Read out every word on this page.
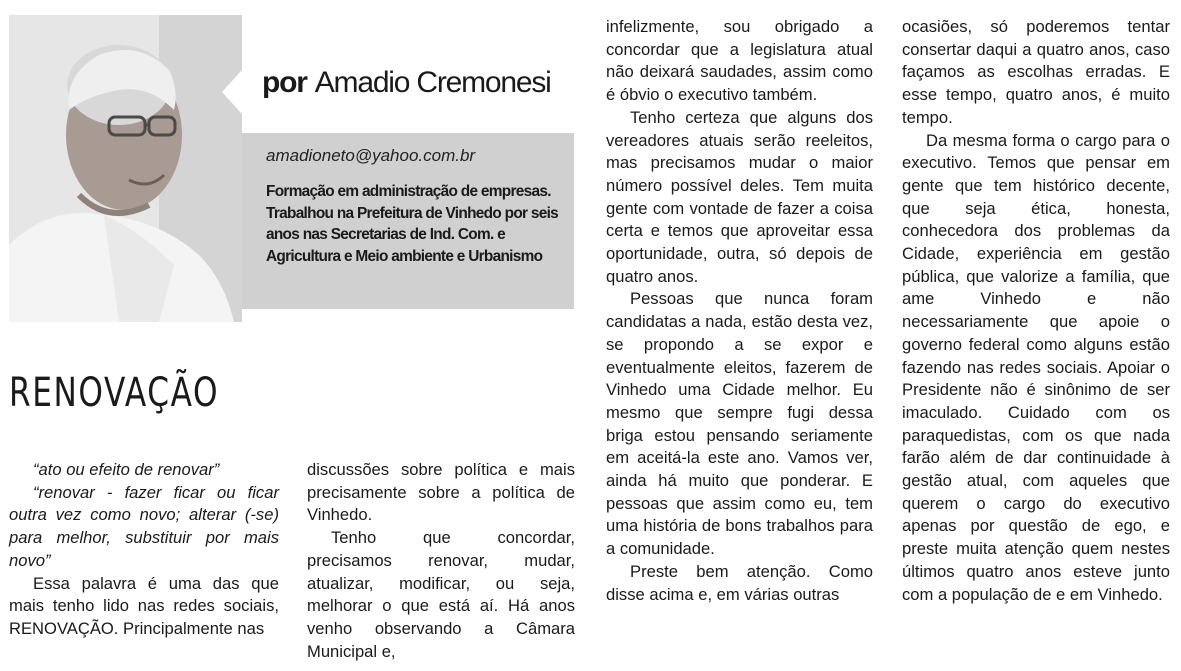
por Amadio Cremonesi
amadioneto@yahoo.com.br
Formação em administração de empresas. Trabalhou na Prefeitura de Vinhedo por seis anos nas Secretarias de Ind. Com. e Agricultura e Meio ambiente e Urbanismo
RENOVAÇÃO

“ato ou efeito de renovar”

“renovar - fazer ficar ou ficar outra vez como novo; alterar (-se) para melhor, substituir por mais novo”

Essa palavra é uma das que mais tenho lido nas redes sociais, RENOVAÇÃO. Principalmente nas

discussões sobre política e mais precisamente sobre a política de Vinhedo.

Tenho que concordar, precisamos renovar, mudar, atualizar, modificar, ou seja, melhorar o que está aí. Há anos venho observando a Câmara Municipal e,

infelizmente, sou obrigado a concordar que a legislatura atual não deixará saudades, assim como é óbvio o executivo também.

Tenho certeza que alguns dos vereadores atuais serão reeleitos, mas precisamos mudar o maior número possível deles. Tem muita gente com vontade de fazer a coisa certa e temos que aproveitar essa oportunidade, outra, só depois de quatro anos.

Pessoas que nunca foram candidatas a nada, estão desta vez, se propondo a se expor e eventualmente eleitos, fazerem de Vinhedo uma Cidade melhor. Eu mesmo que sempre fugi dessa briga estou pensando seriamente em aceitá-la este ano. Vamos ver, ainda há muito que ponderar. E pessoas que assim como eu, tem uma história de bons trabalhos para a comunidade.

Preste bem atenção. Como disse acima e, em várias outras

ocasiões, só poderemos tentar consertar daqui a quatro anos, caso façamos as escolhas erradas. E esse tempo, quatro anos, é muito tempo.

Da mesma forma o cargo para o executivo. Temos que pensar em gente que tem histórico decente, que seja ética, honesta, conhecedora dos problemas da Cidade, experiência em gestão pública, que valorize a família, que ame Vinhedo e não necessariamente que apoie o governo federal como alguns estão fazendo nas redes sociais. Apoiar o Presidente não é sinônimo de ser imaculado. Cuidado com os paraquedistas, com os que nada farão além de dar continuidade à gestão atual, com aqueles que querem o cargo do executivo apenas por questão de ego, e preste muita atenção quem nestes últimos quatro anos esteve junto com a população de e em Vinhedo.
